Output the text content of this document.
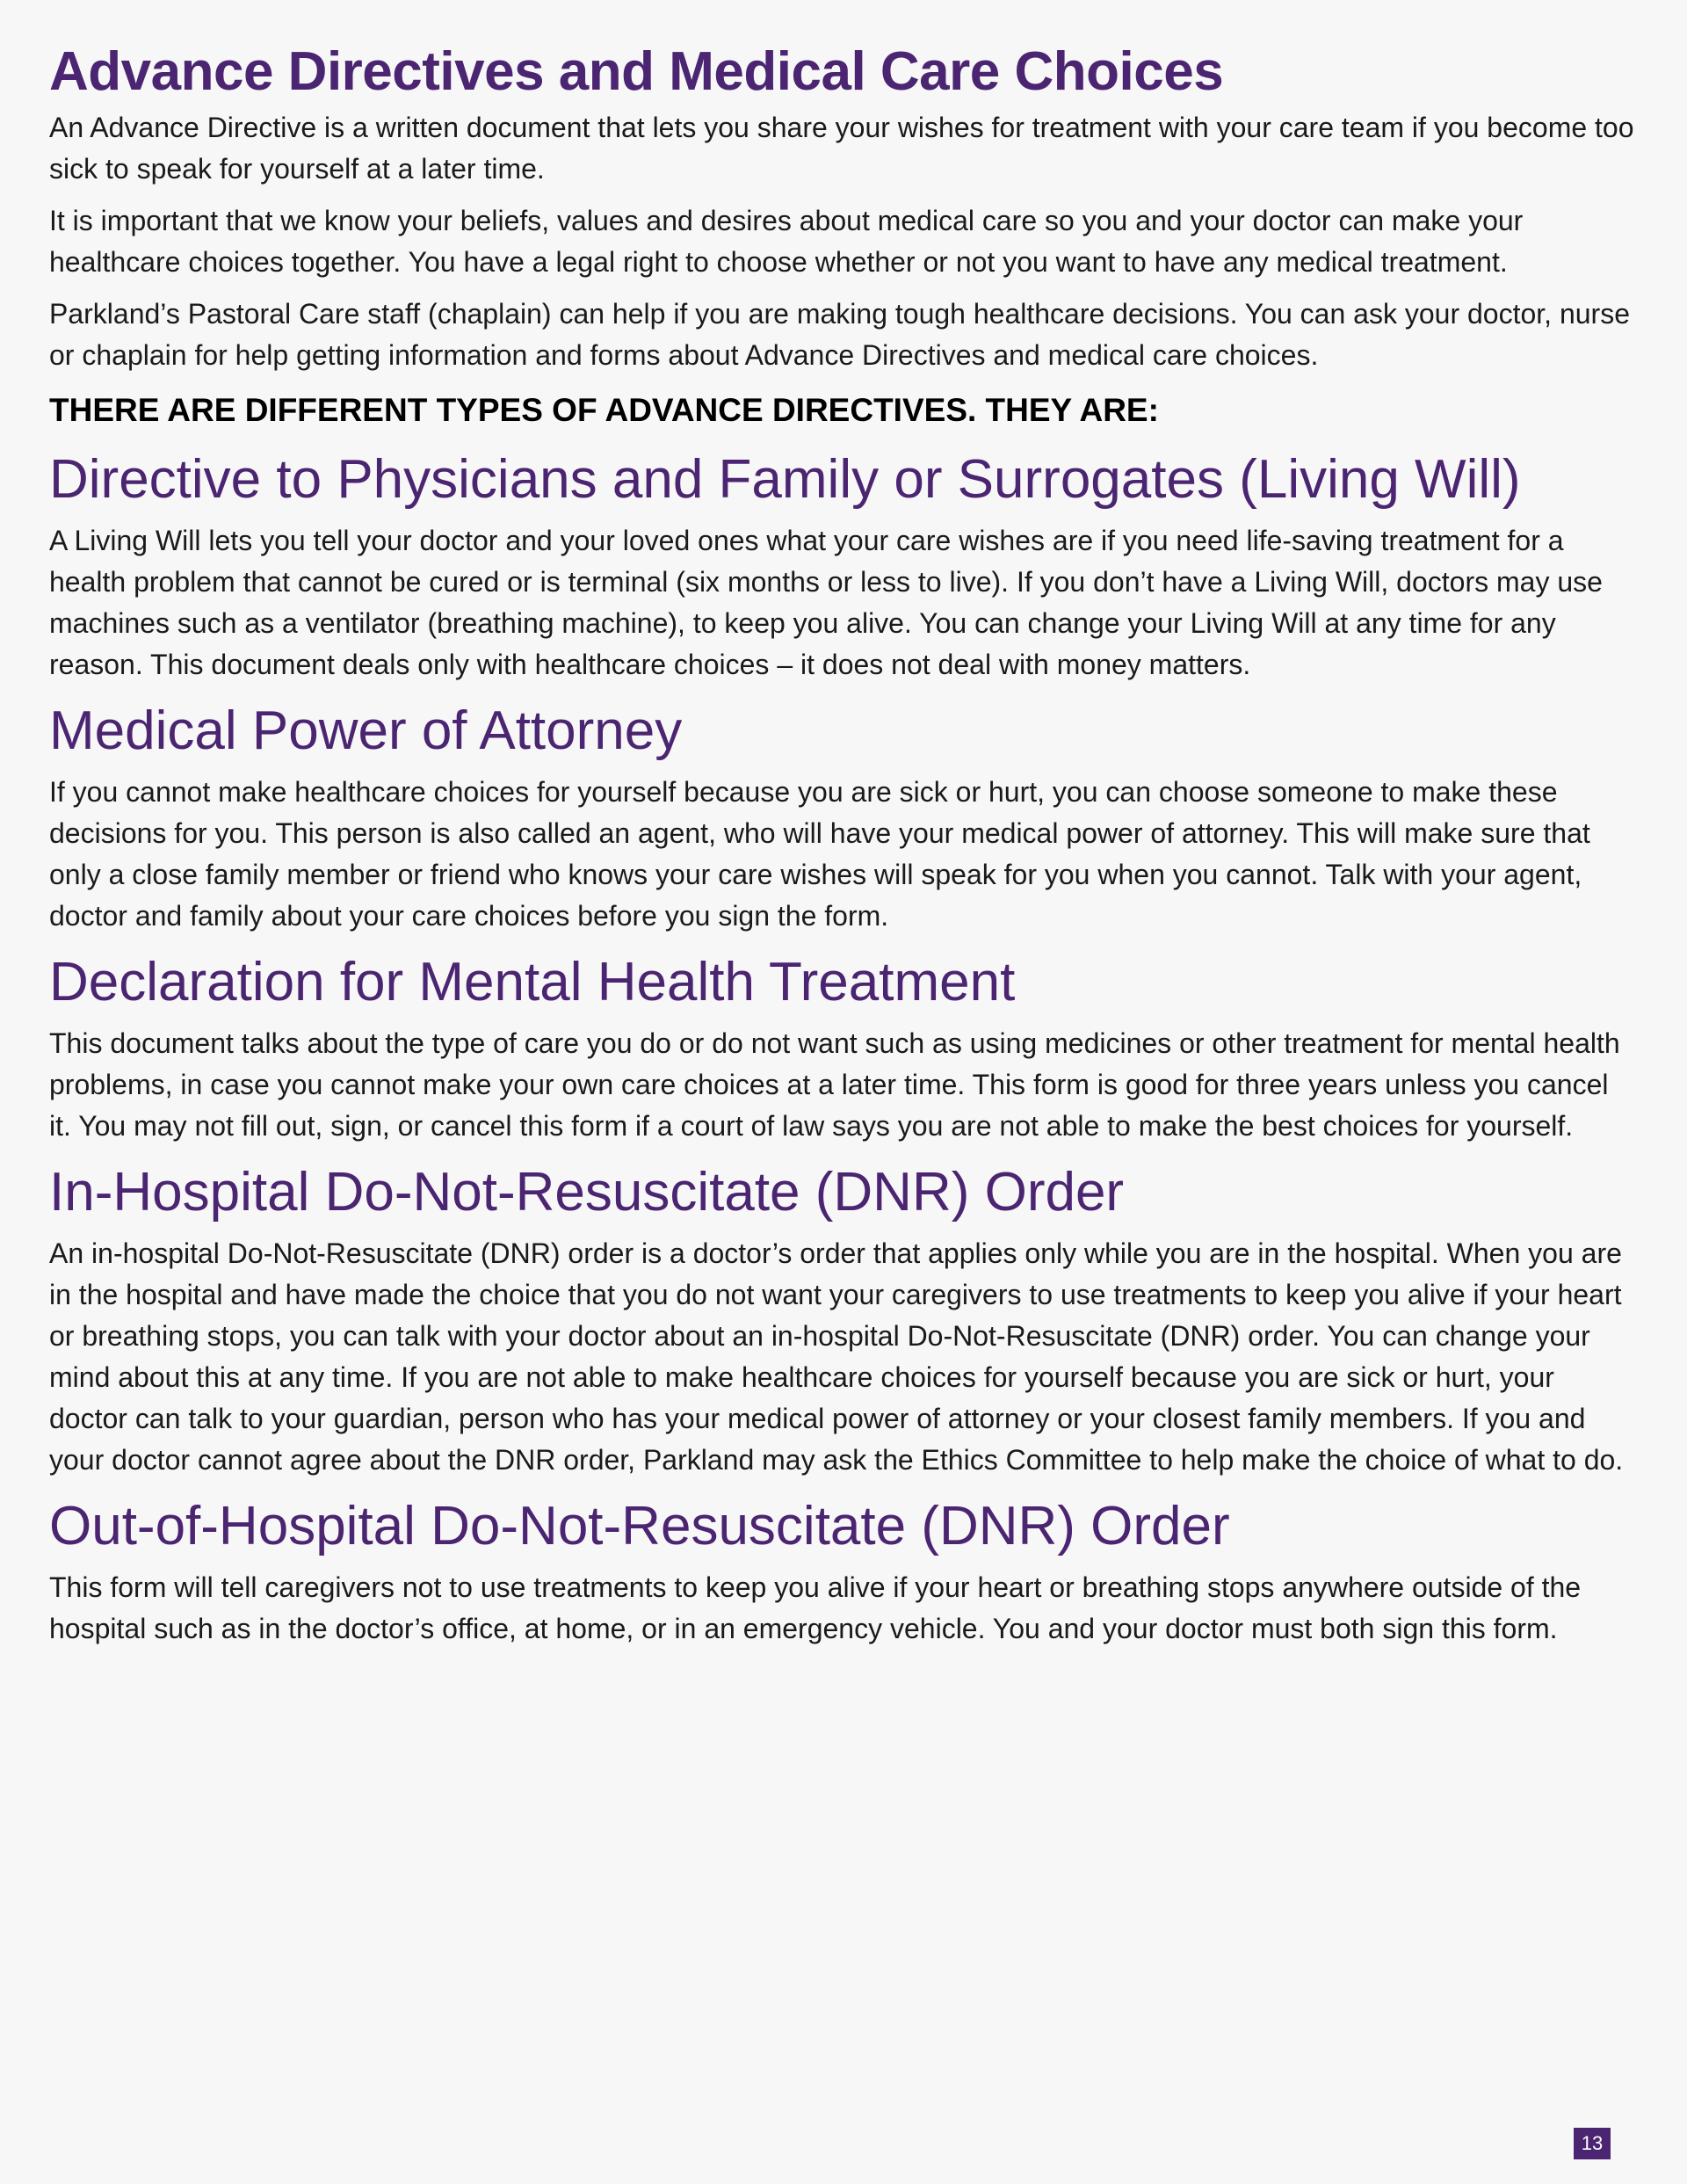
Advance Directives and Medical Care Choices

An Advance Directive is a written document that lets you share your wishes for treatment with your care team if you become too sick to speak for yourself at a later time.

It is important that we know your beliefs, values and desires about medical care so you and your doctor can make your healthcare choices together. You have a legal right to choose whether or not you want to have any medical treatment.

Parkland’s Pastoral Care staff (chaplain) can help if you are making tough healthcare decisions. You can ask your doctor, nurse or chaplain for help getting information and forms about Advance Directives and medical care choices.

THERE ARE DIFFERENT TYPES OF ADVANCE DIRECTIVES. THEY ARE:
Directive to Physicians and Family or Surrogates (Living Will)

A Living Will lets you tell your doctor and your loved ones what your care wishes are if you need life-saving treatment for a health problem that cannot be cured or is terminal (six months or less to live). If you don’t have a Living Will, doctors may use machines such as a ventilator (breathing machine), to keep you alive. You can change your Living Will at any time for any reason. This document deals only with healthcare choices – it does not deal with money matters.

Medical Power of Attorney

If you cannot make healthcare choices for yourself because you are sick or hurt, you can choose someone to make these decisions for you. This person is also called an agent, who will have your medical power of attorney. This will make sure that only a close family member or friend who knows your care wishes will speak for you when you cannot. Talk with your agent, doctor and family about your care choices before you sign the form.

Declaration for Mental Health Treatment

This document talks about the type of care you do or do not want such as using medicines or other treatment for mental health problems, in case you cannot make your own care choices at a later time. This form is good for three years unless you cancel it. You may not fill out, sign, or cancel this form if a court of law says you are not able to make the best choices for yourself.

In-Hospital Do-Not-Resuscitate (DNR) Order

An in-hospital Do-Not-Resuscitate (DNR) order is a doctor’s order that applies only while you are in the hospital. When you are in the hospital and have made the choice that you do not want your caregivers to use treatments to keep you alive if your heart or breathing stops, you can talk with your doctor about an in-hospital Do-Not-Resuscitate (DNR) order. You can change your mind about this at any time. If you are not able to make healthcare choices for yourself because you are sick or hurt, your doctor can talk to your guardian, person who has your medical power of attorney or your closest family members. If you and your doctor cannot agree about the DNR order, Parkland may ask the Ethics Committee to help make the choice of what to do.

Out-of-Hospital Do-Not-Resuscitate (DNR) Order

This form will tell caregivers not to use treatments to keep you alive if your heart or breathing stops anywhere outside of the hospital such as in the doctor’s office, at home, or in an emergency vehicle. You and your doctor must both sign this form.

13
